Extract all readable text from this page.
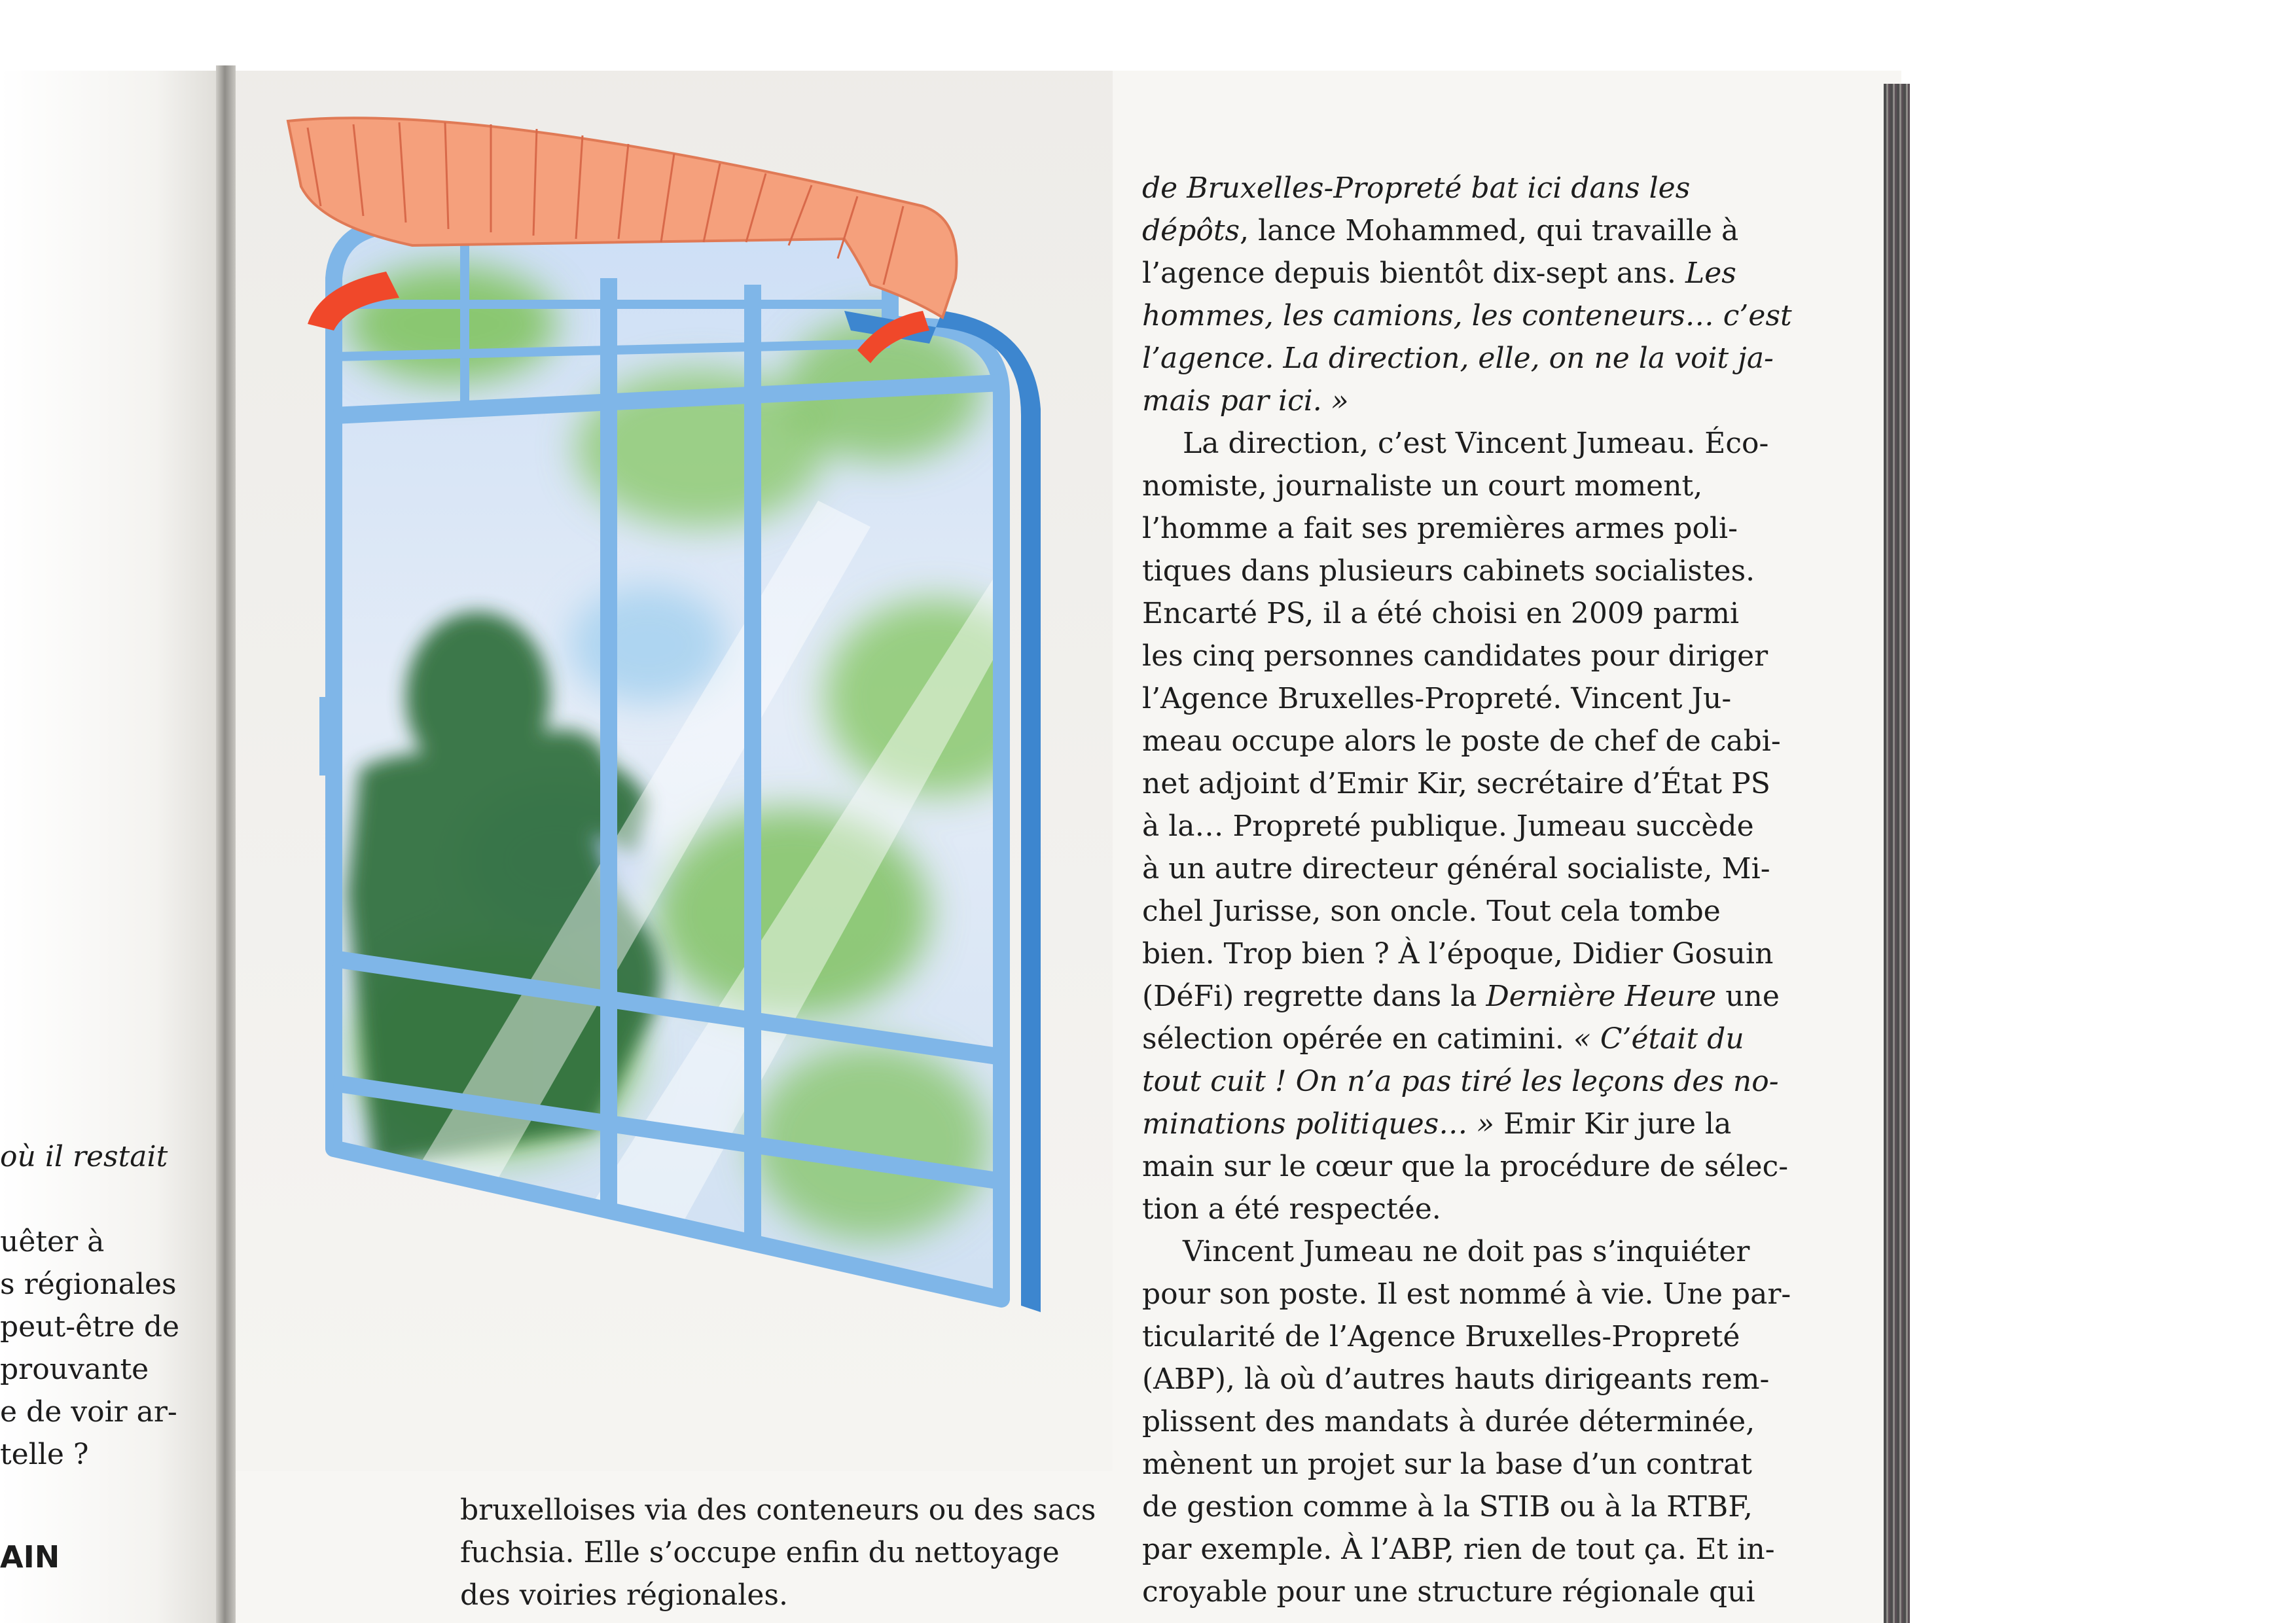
où il restait
uêter à
s régionales
peut-être de
prouvante
e de voir ar-
telle ?
AIN

de Bruxelles-Propreté bat ici dans les
dépôts, lance Mohammed, qui travaille à
l’agence depuis bientôt dix-sept ans. Les
hommes, les camions, les conteneurs… c’est
l’agence. La direction, elle, on ne la voit ja-
mais par ici. »

La direction, c’est Vincent Jumeau. Éco-
nomiste, journaliste un court moment,
l’homme a fait ses premières armes poli-
tiques dans plusieurs cabinets socialistes.
Encarté PS, il a été choisi en 2009 parmi
les cinq personnes candidates pour diriger
l’Agence Bruxelles-Propreté. Vincent Ju-
meau occupe alors le poste de chef de cabi-
net adjoint d’Emir Kir, secrétaire d’État PS
à la… Propreté publique. Jumeau succède
à un autre directeur général socialiste, Mi-
chel Jurisse, son oncle. Tout cela tombe
bien. Trop bien ? À l’époque, Didier Gosuin
(DéFi) regrette dans la Dernière Heure une
sélection opérée en catimini. « C’était du
tout cuit ! On n’a pas tiré les leçons des no-
minations politiques… » Emir Kir jure la
main sur le cœur que la procédure de sélec-
tion a été respectée.

Vincent Jumeau ne doit pas s’inquiéter
pour son poste. Il est nommé à vie. Une par-
ticularité de l’Agence Bruxelles-Propreté
(ABP), là où d’autres hauts dirigeants rem-
plissent des mandats à durée déterminée,
mènent un projet sur la base d’un contrat
de gestion comme à la STIB ou à la RTBF,
par exemple. À l’ABP, rien de tout ça. Et in-
croyable pour une structure régionale qui

bruxelloises via des conteneurs ou des sacs
fuchsia. Elle s’occupe enfin du nettoyage
des voiries régionales.
